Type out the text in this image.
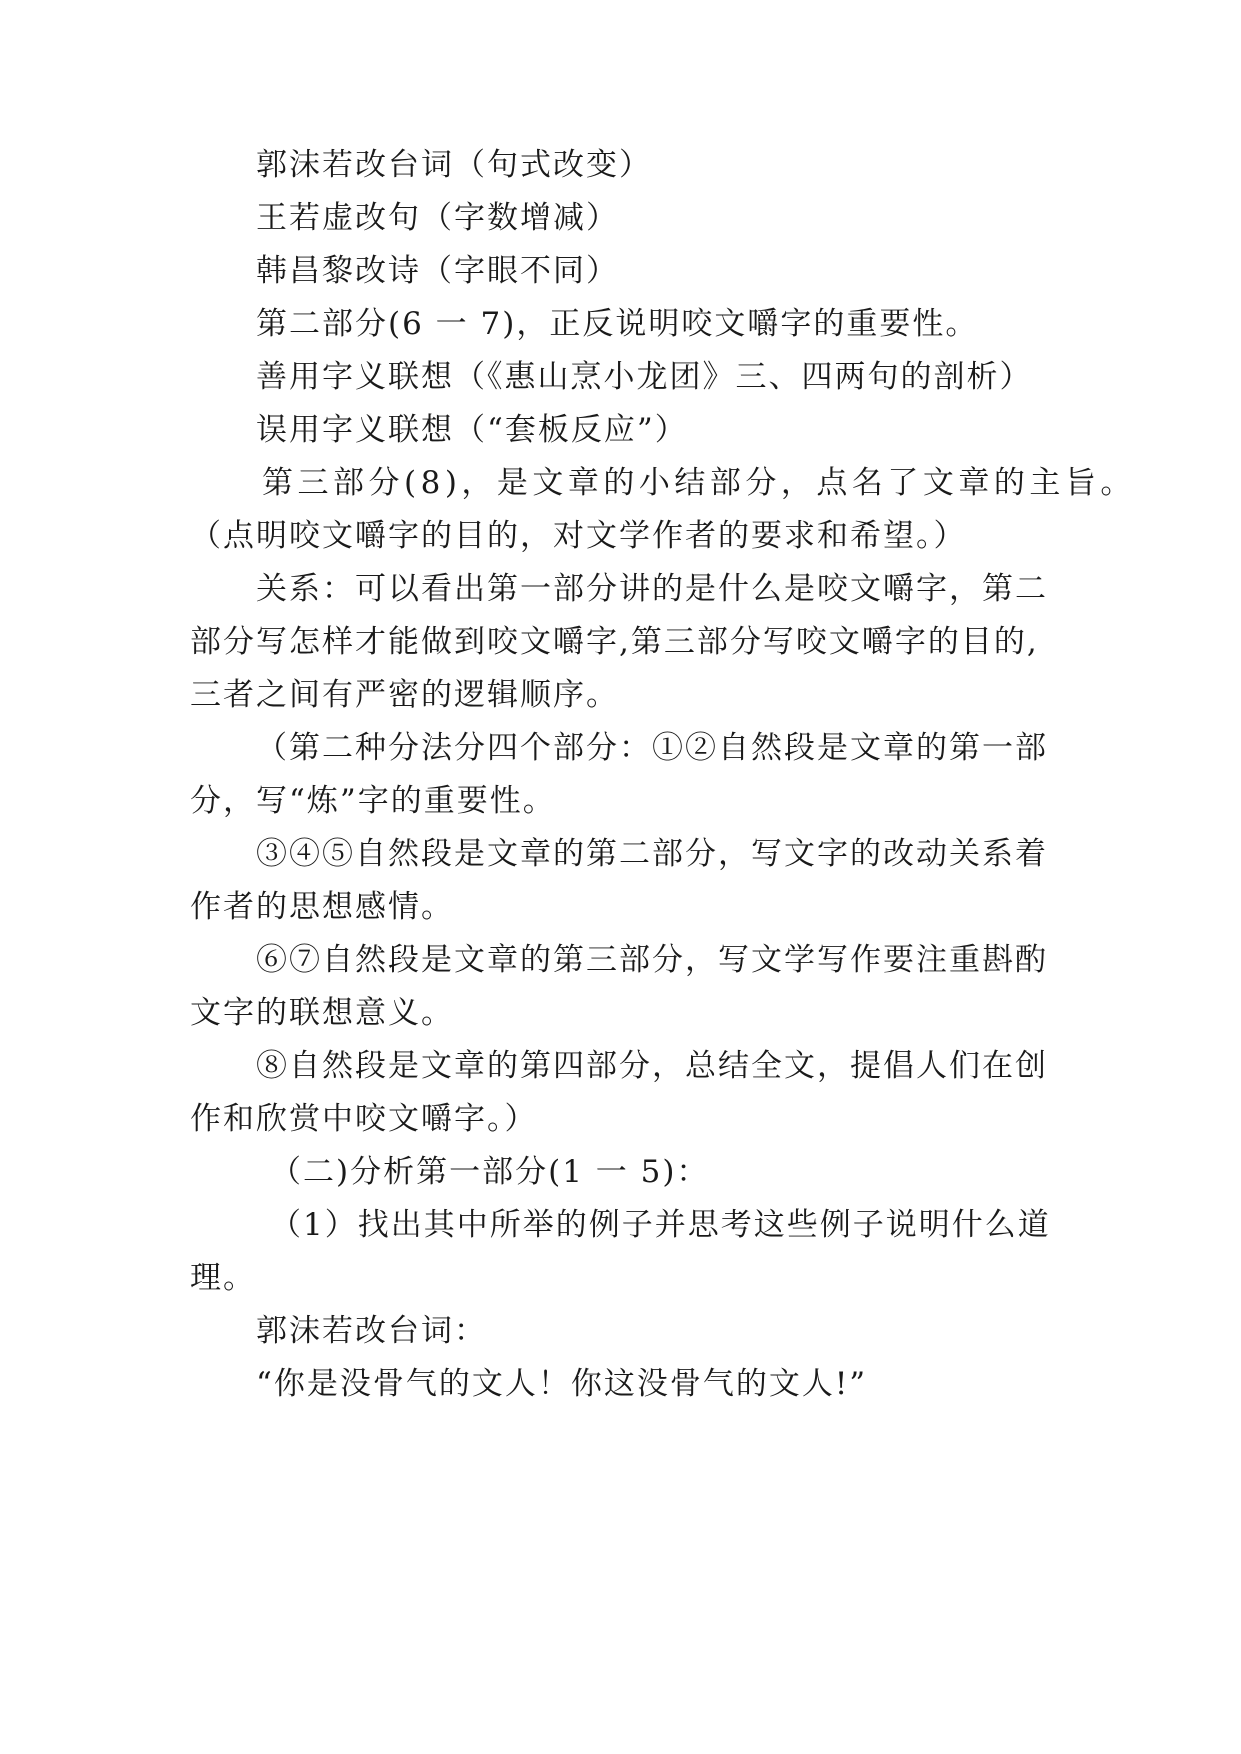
郭沫若改台词（句式改变）

王若虚改句（字数增减）

韩昌黎改诗（字眼不同）

第二部分(6 一 7)，正反说明咬文嚼字的重要性。

善用字义联想（《惠山烹小龙团》三、四两句的剖析）

误用字义联想（“套板反应”）

第三部分(8)，是文章的小结部分，点名了文章的主旨。

（点明咬文嚼字的目的，对文学作者的要求和希望。）

关系：可以看出第一部分讲的是什么是咬文嚼字，第二

部分写怎样才能做到咬文嚼字,第三部分写咬文嚼字的目的,

三者之间有严密的逻辑顺序。

（第二种分法分四个部分：①②自然段是文章的第一部

分，写“炼”字的重要性。

③④⑤自然段是文章的第二部分，写文字的改动关系着

作者的思想感情。

⑥⑦自然段是文章的第三部分，写文学写作要注重斟酌

文字的联想意义。

⑧自然段是文章的第四部分，总结全文，提倡人们在创

作和欣赏中咬文嚼字。）

（二)分析第一部分(1 一 5)：

（1）找出其中所举的例子并思考这些例子说明什么道

理。

郭沫若改台词：

“你是没骨气的文人！你这没骨气的文人!”
